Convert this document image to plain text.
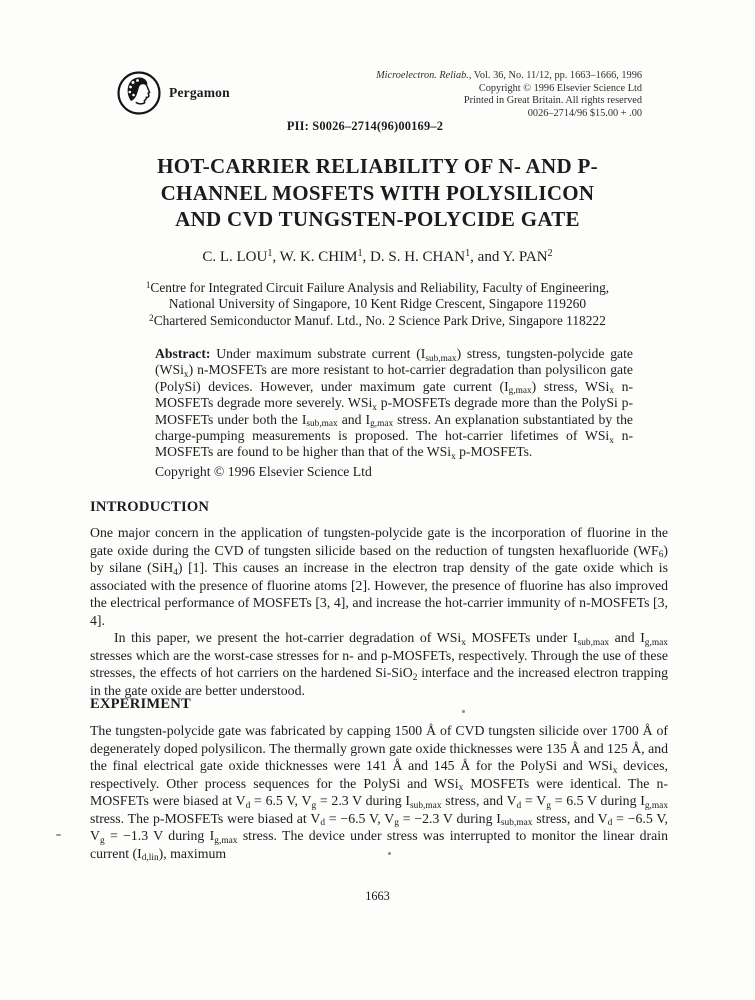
Pergamon
Microelectron. Reliab., Vol. 36, No. 11/12, pp. 1663–1666, 1996
Copyright © 1996 Elsevier Science Ltd
Printed in Great Britain. All rights reserved
0026–2714/96 $15.00 + .00
PII: S0026–2714(96)00169–2
HOT-CARRIER RELIABILITY OF N- AND P-
CHANNEL MOSFETS WITH POLYSILICON
AND CVD TUNGSTEN-POLYCIDE GATE
C. L. LOU$^1$, W. K. CHIM$^1$, D. S. H. CHAN$^1$, and Y. PAN$^2$
$^1$Centre for Integrated Circuit Failure Analysis and Reliability, Faculty of Engineering,
National University of Singapore, 10 Kent Ridge Crescent, Singapore 119260
$^2$Chartered Semiconductor Manuf. Ltd., No. 2 Science Park Drive, Singapore 118222

Abstract: Under maximum substrate current $(I_{sub,max})$ stress, tungsten-polycide gate (WSi$_x$) n-MOSFETs are more resistant to hot-carrier degradation than polysilicon gate (PolySi) devices. However, under maximum gate current $(I_{g,max})$ stress, WSi$_x$ n-MOSFETs degrade more severely. WSi$_x$ p-MOSFETs degrade more than the PolySi p-MOSFETs under both the $I_{sub,max}$ and $I_{g,max}$ stress. An explanation substantiated by the charge-pumping measurements is proposed. The hot-carrier lifetimes of WSi$_x$ n-MOSFETs are found to be higher than that of the WSi$_x$ p-MOSFETs.

Copyright © 1996 Elsevier Science Ltd
INTRODUCTION

One major concern in the application of tungsten-polycide gate is the incorporation of fluorine in the gate oxide during the CVD of tungsten silicide based on the reduction of tungsten hexafluoride $(WF_6)$ by silane (SiH$_4$) [1]. This causes an increase in the electron trap density of the gate oxide which is associated with the presence of fluorine atoms [2]. However, the presence of fluorine has also improved the electrical performance of MOSFETs [3, 4], and increase the hot-carrier immunity of n-MOSFETs [3, 4].

In this paper, we present the hot-carrier degradation of WSi$_x$ MOSFETs under $I_{sub,max}$ and $I_{g,max}$ stresses which are the worst-case stresses for n- and p-MOSFETs, respectively. Through the use of these stresses, the effects of hot carriers on the hardened Si-SiO$_2$ interface and the increased electron trapping in the gate oxide are better understood.

EXPERIMENT

The tungsten-polycide gate was fabricated by capping 1500 Å of CVD tungsten silicide over 1700 Å of degenerately doped polysilicon. The thermally grown gate oxide thicknesses were 135 Å and 125 Å, and the final electrical gate oxide thicknesses were 141 Å and 145 Å for the PolySi and WSi$_x$ devices, respectively. Other process sequences for the PolySi and WSi$_x$ MOSFETs were identical. The n-MOSFETs were biased at $V_d = 6.5$ V, $V_g = 2.3$ V during $I_{sub,max}$ stress, and $V_d = V_g = 6.5$ V during $I_{g,max}$ stress. The p-MOSFETs were biased at $V_d = -6.5$ V, $V_g = -2.3$ V during $I_{sub,max}$ stress, and $V_d = -6.5$ V, $V_g = -1.3$ V during $I_{g,max}$ stress. The device under stress was interrupted to monitor the linear drain current $(I_{d,lin})$, maximum

1663
